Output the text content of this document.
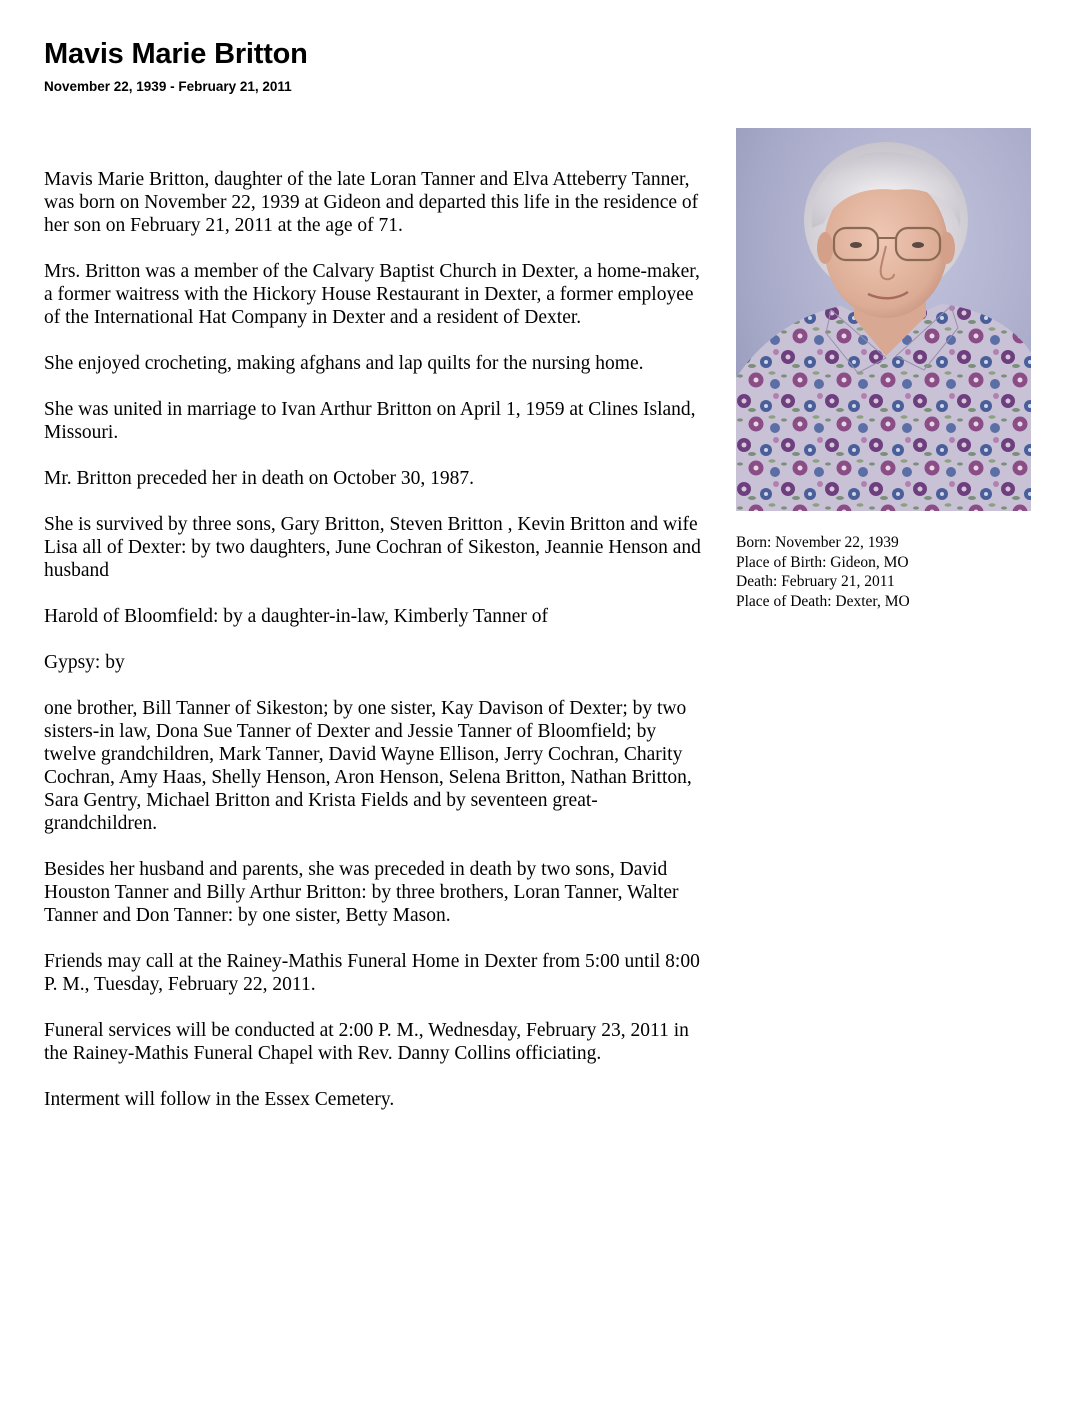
Mavis Marie Britton
November 22, 1939 - February 21, 2011

Mavis Marie Britton, daughter of the late Loran Tanner and Elva Atteberry Tanner, was born on November 22, 1939 at Gideon and departed this life in the residence of her son on February 21, 2011 at the age of 71.

Mrs. Britton was a member of the Calvary Baptist Church in Dexter, a home-maker, a former waitress with the Hickory House Restaurant in Dexter, a former employee of the International Hat Company in Dexter and a resident of Dexter.

She enjoyed crocheting, making afghans and lap quilts for the nursing home.

She was united in marriage to Ivan Arthur Britton on April 1, 1959 at Clines Island, Missouri.

Mr. Britton preceded her in death on October 30, 1987.

She is survived by three sons, Gary Britton, Steven Britton , Kevin Britton and wife Lisa all of Dexter: by two daughters, June Cochran of Sikeston, Jeannie Henson and husband

Harold of Bloomfield: by a daughter-in-law, Kimberly Tanner of

Gypsy: by

one brother, Bill Tanner of Sikeston; by one sister, Kay Davison of Dexter; by two sisters-in law, Dona Sue Tanner of Dexter and Jessie Tanner of Bloomfield; by twelve grandchildren, Mark Tanner, David Wayne Ellison, Jerry Cochran, Charity Cochran, Amy Haas, Shelly Henson, Aron Henson, Selena Britton, Nathan Britton, Sara Gentry, Michael Britton and Krista Fields and by seventeen great-grandchildren.

Besides her husband and parents, she was preceded in death by two sons, David Houston Tanner and Billy Arthur Britton: by three brothers, Loran Tanner, Walter Tanner and Don Tanner: by one sister, Betty Mason.

Friends may call at the Rainey-Mathis Funeral Home in Dexter from 5:00 until 8:00 P. M., Tuesday, February 22, 2011.

Funeral services will be conducted at 2:00 P. M., Wednesday, February 23, 2011 in the Rainey-Mathis Funeral Chapel with Rev. Danny Collins officiating.

Interment will follow in the Essex Cemetery.

Born: November 22, 1939
Place of Birth: Gideon, MO
Death: February 21, 2011
Place of Death: Dexter, MO
